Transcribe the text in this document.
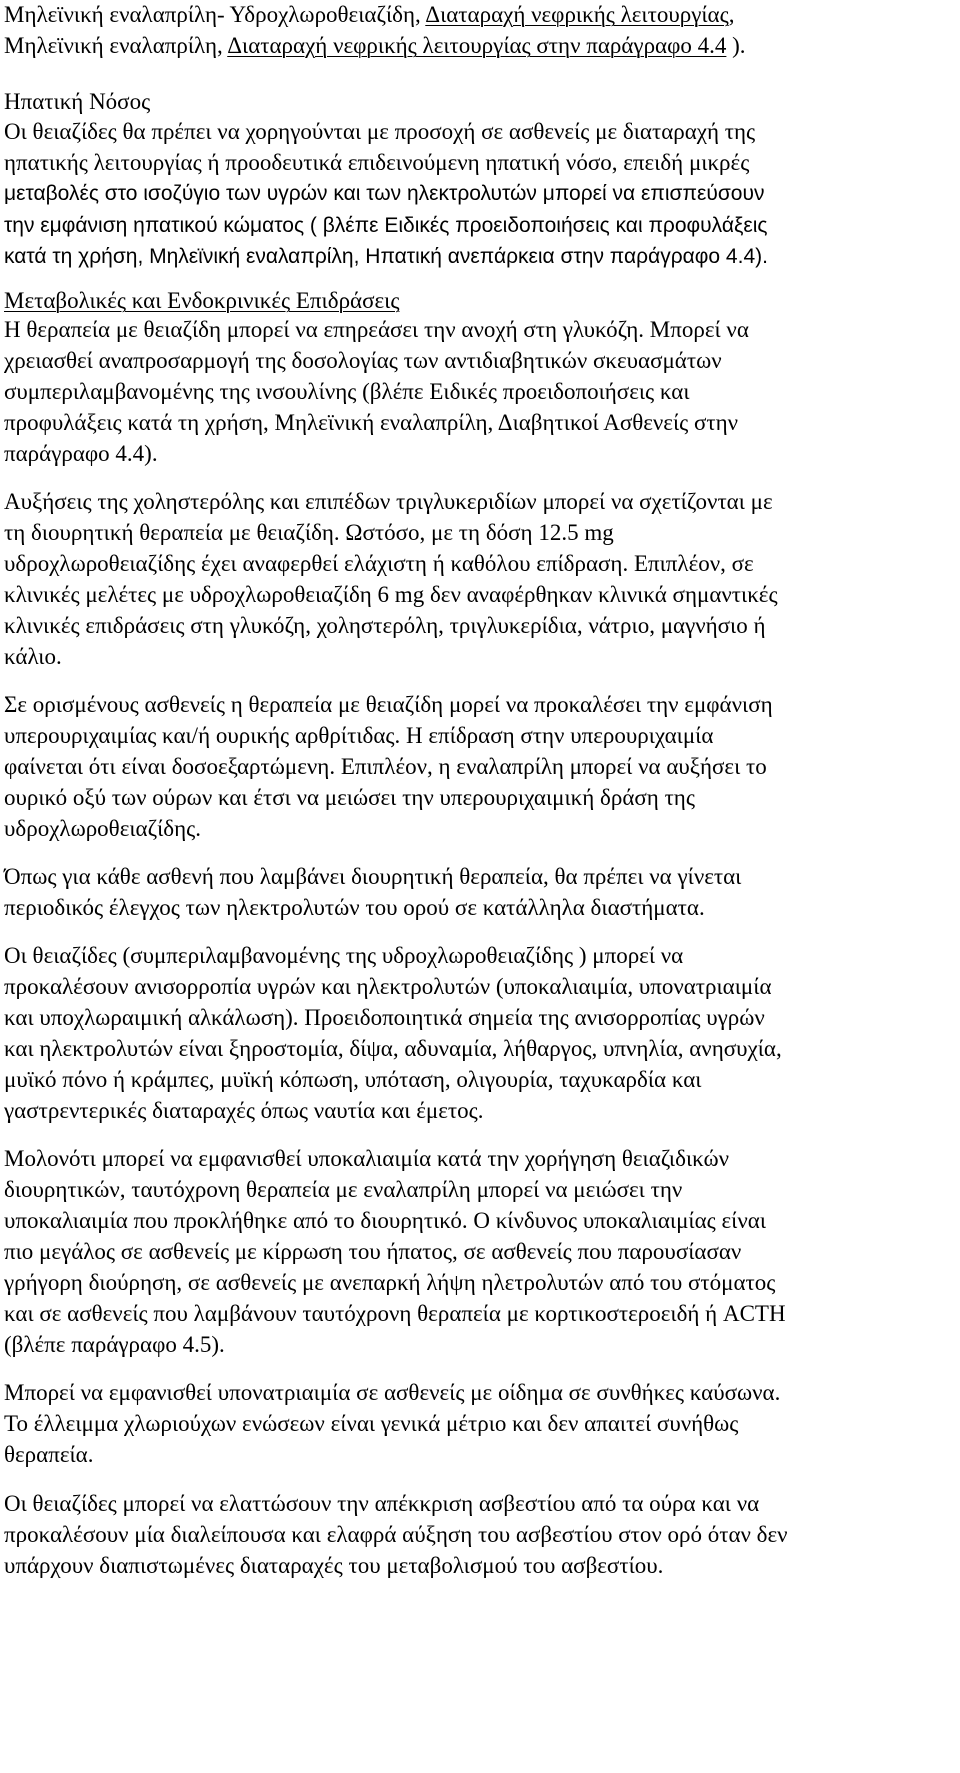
Μηλεϊνική εναλαπρίλη- Υδροχλωροθειαζίδη, Διαταραχή νεφρικής λειτουργίας,
Μηλεϊνική εναλαπρίλη, Διαταραχή νεφρικής λειτουργίας στην παράγραφο 4.4 ).
Ηπατική Νόσος
Οι θειαζίδες θα πρέπει να χορηγούνται με προσοχή σε ασθενείς με διαταραχή της
ηπατικής λειτουργίας ή προοδευτικά επιδεινούμενη ηπατική νόσο, επειδή μικρές
μεταβολές στο ισοζύγιο των υγρών και των ηλεκτρολυτών μπορεί να επισπεύσουν
την εμφάνιση ηπατικού κώματος ( βλέπε Ειδικές προειδοποιήσεις και προφυλάξεις
κατά τη χρήση, Μηλεϊνική εναλαπρίλη, Ηπατική ανεπάρκεια στην παράγραφο 4.4).
Μεταβολικές και Ενδοκρινικές Επιδράσεις
Η θεραπεία με θειαζίδη μπορεί να επηρεάσει την ανοχή στη γλυκόζη. Μπορεί να
χρειασθεί αναπροσαρμογή της δοσολογίας των αντιδιαβητικών σκευασμάτων
συμπεριλαμβανομένης της ινσουλίνης (βλέπε Ειδικές προειδοποιήσεις και
προφυλάξεις κατά τη χρήση, Μηλεϊνική εναλαπρίλη, Διαβητικοί Ασθενείς στην
παράγραφο 4.4).
Αυξήσεις της χοληστερόλης και επιπέδων τριγλυκεριδίων μπορεί να σχετίζονται με
τη διουρητική θεραπεία με θειαζίδη. Ωστόσο, με τη δόση 12.5 mg
υδροχλωροθειαζίδης έχει αναφερθεί ελάχιστη ή καθόλου επίδραση. Επιπλέον, σε
κλινικές μελέτες με υδροχλωροθειαζίδη 6 mg δεν αναφέρθηκαν κλινικά σημαντικές
κλινικές επιδράσεις στη γλυκόζη, χοληστερόλη, τριγλυκερίδια, νάτριο, μαγνήσιο ή
κάλιο.
Σε ορισμένους ασθενείς η θεραπεία με θειαζίδη μορεί να προκαλέσει την εμφάνιση
υπερουριχαιμίας και/ή ουρικής αρθρίτιδας. Η επίδραση στην υπερουριχαιμία
φαίνεται ότι είναι δοσοεξαρτώμενη. Επιπλέον, η εναλαπρίλη μπορεί να αυξήσει το
ουρικό οξύ των ούρων και έτσι να μειώσει την υπερουριχαιμική δράση της
υδροχλωροθειαζίδης.
Όπως για κάθε ασθενή που λαμβάνει διουρητική θεραπεία, θα πρέπει να γίνεται
περιοδικός έλεγχος των ηλεκτρολυτών του ορού σε κατάλληλα διαστήματα.
Οι θειαζίδες (συμπεριλαμβανομένης της υδροχλωροθειαζίδης ) μπορεί να
προκαλέσουν ανισορροπία υγρών και ηλεκτρολυτών (υποκαλιαιμία, υπονατριαιμία
και υποχλωραιμική αλκάλωση). Προειδοποιητικά σημεία της ανισορροπίας υγρών
και ηλεκτρολυτών είναι ξηροστομία, δίψα, αδυναμία, λήθαργος, υπνηλία, ανησυχία,
μυϊκό πόνο ή κράμπες, μυϊκή κόπωση, υπόταση, ολιγουρία, ταχυκαρδία και
γαστρεντερικές διαταραχές όπως ναυτία και έμετος.
Μολονότι μπορεί να εμφανισθεί υποκαλιαιμία κατά την χορήγηση θειαζιδικών
διουρητικών, ταυτόχρονη θεραπεία με εναλαπρίλη μπορεί να μειώσει την
υποκαλιαιμία που προκλήθηκε από το διουρητικό. Ο κίνδυνος υποκαλιαιμίας είναι
πιο μεγάλος σε ασθενείς με κίρρωση του ήπατος, σε ασθενείς που παρουσίασαν
γρήγορη διούρηση, σε ασθενείς με ανεπαρκή λήψη ηλετρολυτών από του στόματος
και σε ασθενείς που λαμβάνουν ταυτόχρονη θεραπεία με κορτικοστεροειδή ή ACTH
(βλέπε παράγραφο 4.5).
Μπορεί να εμφανισθεί υπονατριαιμία σε ασθενείς με οίδημα σε συνθήκες καύσωνα.
Το έλλειμμα χλωριούχων ενώσεων είναι γενικά μέτριο και δεν απαιτεί συνήθως
θεραπεία.
Οι θειαζίδες μπορεί να ελαττώσουν την απέκκριση ασβεστίου από τα ούρα και να
προκαλέσουν μία διαλείπουσα και ελαφρά αύξηση του ασβεστίου στον ορό όταν δεν
υπάρχουν διαπιστωμένες διαταραχές του μεταβολισμού του ασβεστίου.
